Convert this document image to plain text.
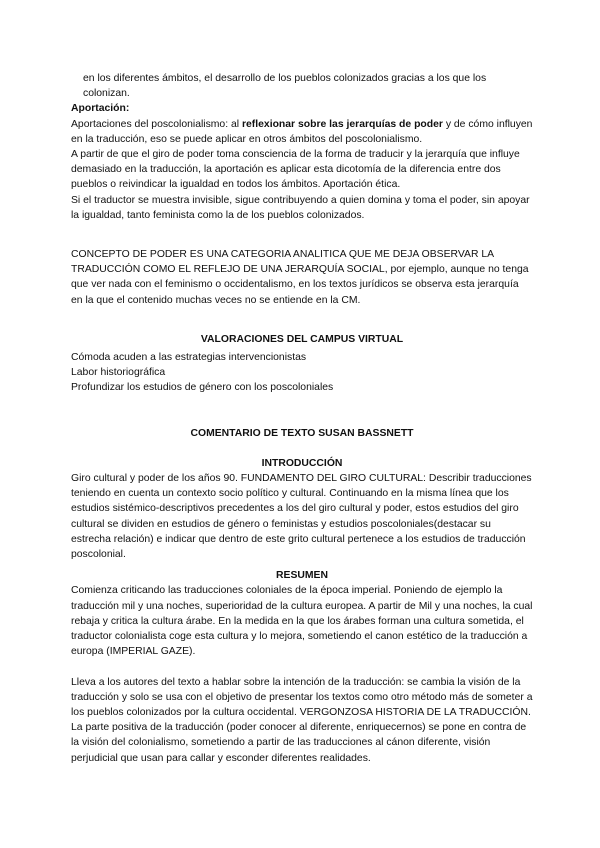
en los diferentes ámbitos, el desarrollo de los pueblos colonizados gracias a los que los

colonizan.

Aportación:

Aportaciones del poscolonialismo: al reflexionar sobre las jerarquías de poder y de cómo influyen en la traducción, eso se puede aplicar en otros ámbitos del poscolonialismo.

A partir de que el giro de poder toma consciencia de la forma de traducir y la jerarquía que influye demasiado en la traducción, la aportación es aplicar esta dicotomía de la diferencia entre dos pueblos o reivindicar la igualdad en todos los ámbitos. Aportación ética.

Si el traductor se muestra invisible, sigue contribuyendo a quien domina y toma el poder, sin apoyar la igualdad, tanto feminista como la de los pueblos colonizados.

CONCEPTO DE PODER ES UNA CATEGORIA ANALITICA QUE ME DEJA OBSERVAR LA TRADUCCIÓN COMO EL REFLEJO DE UNA JERARQUÍA SOCIAL, por ejemplo, aunque no tenga que ver nada con el feminismo o occidentalismo, en los textos jurídicos se observa esta jerarquía en la que el contenido muchas veces no se entiende en la CM.

VALORACIONES DEL CAMPUS VIRTUAL

Cómoda acuden a las estrategias intervencionistas

Labor historiográfica

Profundizar los estudios de género con los poscoloniales

COMENTARIO DE TEXTO SUSAN BASSNETT

INTRODUCCIÓN

Giro cultural y poder de los años 90. FUNDAMENTO DEL GIRO CULTURAL: Describir traducciones teniendo en cuenta un contexto socio político y cultural. Continuando en la misma línea que los estudios sistémico-descriptivos precedentes a los del giro cultural y poder, estos estudios del giro cultural se dividen en estudios de género o feministas y estudios poscoloniales(destacar su estrecha relación) e indicar que dentro de este grito cultural pertenece a los estudios de traducción poscolonial.

RESUMEN

Comienza criticando las traducciones coloniales de la época imperial. Poniendo de ejemplo la traducción mil y una noches, superioridad de la cultura europea. A partir de Mil y una noches, la cual rebaja y critica la cultura árabe. En la medida en la que los árabes forman una cultura sometida, el traductor colonialista coge esta cultura y lo mejora, sometiendo el canon estético de la traducción a europa (IMPERIAL GAZE).

Lleva a los autores del texto a hablar sobre la intención de la traducción: se cambia la visión de la traducción y solo se usa con el objetivo de presentar los textos como otro método más de someter a los pueblos colonizados por la cultura occidental. VERGONZOSA HISTORIA DE LA TRADUCCIÓN. La parte positiva de la traducción (poder conocer al diferente, enriquecernos) se pone en contra de la visión del colonialismo, sometiendo a partir de las traducciones al cánon diferente, visión perjudicial que usan para callar y esconder diferentes realidades.
